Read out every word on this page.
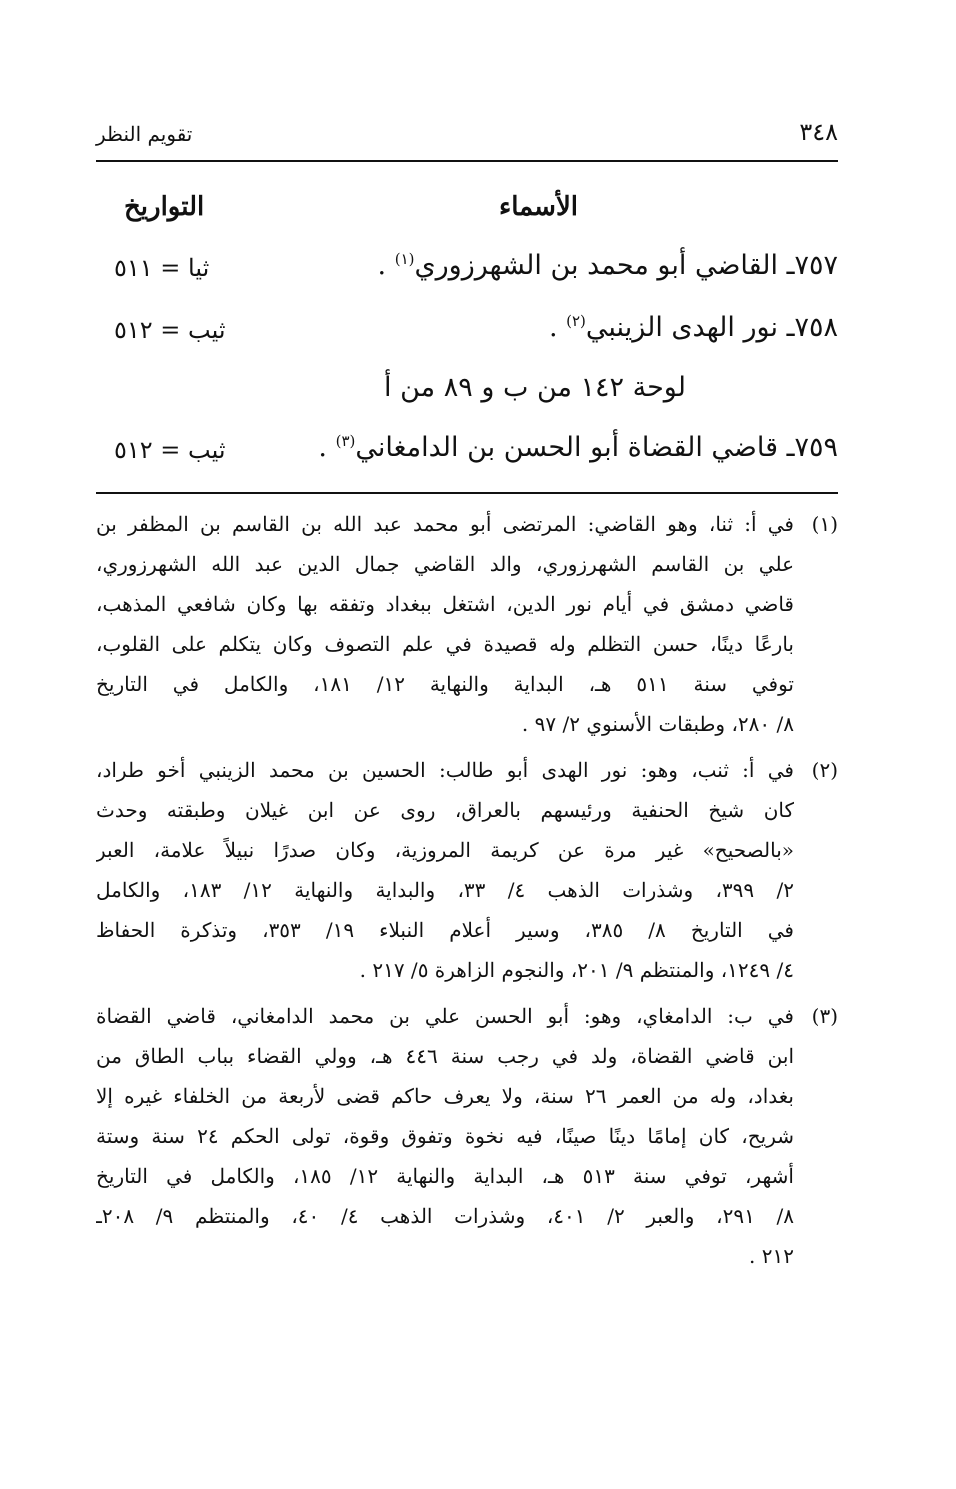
٣٤٨
تقويم النظر
الأسماء
التواريخ
٧٥٧ـ القاضي أبو محمد بن الشهرزوري$^{(١)}$ .
ثيا = ٥١١
٧٥٨ـ نور الهدى الزينبي$^{(٢)}$ .
ثيب = ٥١٢
لوحة ١٤٢ من ب و ٨٩ من أ
٧٥٩ـ قاضي القضاة أبو الحسن بن الدامغاني$^{(٣)}$ .
ثيب = ٥١٢
(١)
في أ: ثنا، وهو القاضي: المرتضى أبو محمد عبد الله بن القاسم بن المظفر بن
علي بن القاسم الشهرزوري، والد القاضي جمال الدين عبد الله الشهرزوري،
قاضي دمشق في أيام نور الدين، اشتغل ببغداد وتفقه بها وكان شافعي المذهب،
بارعًا دينًا، حسن التظلم وله قصيدة في علم التصوف وكان يتكلم على القلوب،
توفي سنة ٥١١ هـ، البداية والنهاية ١٢/ ١٨١، والكامل في التاريخ
٨/ ٢٨٠، وطبقات الأسنوي ٢/ ٩٧ .
(٢)
في أ: ثنب، وهو: نور الهدى أبو طالب: الحسين بن محمد الزينبي أخو طراد،
كان شيخ الحنفية ورئيسهم بالعراق، روى عن ابن غيلان وطبقته وحدث
«بالصحيح» غير مرة عن كريمة المروزية، وكان صدرًا نبيلاً علامة، العبر
٢/ ٣٩٩، وشذرات الذهب ٤/ ٣٣، والبداية والنهاية ١٢/ ١٨٣، والكامل
في التاريخ ٨/ ٣٨٥، وسير أعلام النبلاء ١٩/ ٣٥٣، وتذكرة الحفاظ
٤/ ١٢٤٩، والمنتظم ٩/ ٢٠١، والنجوم الزاهرة ٥/ ٢١٧ .
(٣)
في ب: الدامغاي، وهو: أبو الحسن علي بن محمد الدامغاني، قاضي القضاة
ابن قاضي القضاة، ولد في رجب سنة ٤٤٦ هـ، وولي القضاء بباب الطاق من
بغداد، وله من العمر ٢٦ سنة، ولا يعرف حاكم قضى لأربعة من الخلفاء غيره إلا
شريح، كان إمامًا دينًا صينًا، فيه نخوة وتفوق وقوة، تولى الحكم ٢٤ سنة وستة
أشهر، توفي سنة ٥١٣ هـ، البداية والنهاية ١٢/ ١٨٥، والكامل في التاريخ
٨/ ٢٩١، والعبر ٢/ ٤٠١، وشذرات الذهب ٤/ ٤٠، والمنتظم ٩/ ٢٠٨ـ
٢١٢ .
